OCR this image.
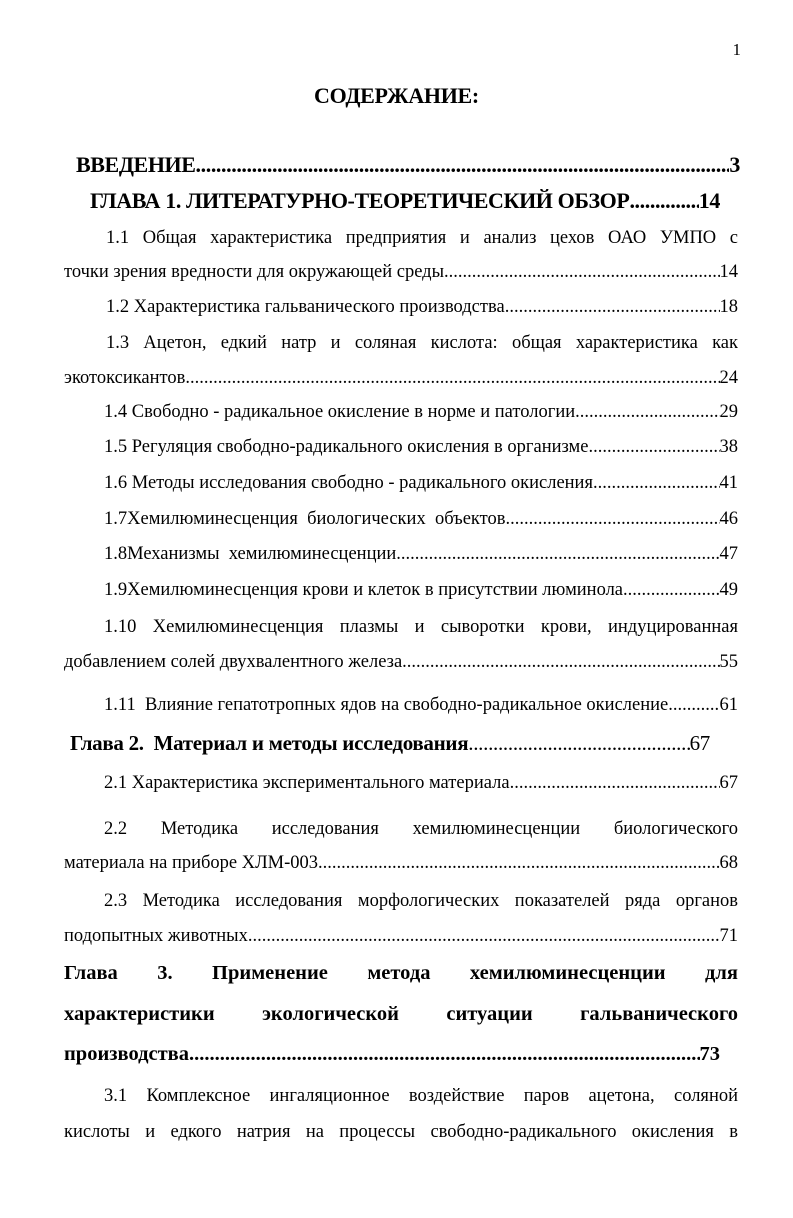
1
СОДЕРЖАНИЕ:
ВВЕДЕНИЕ .....	3
ГЛАВА 1. ЛИТЕРАТУРНО-ТЕОРЕТИЧЕСКИЙ ОБЗОР .....	14
1.1 Общая характеристика предприятия и анализ цехов ОАО УМПО с
точки зрения вредности для окружающей среды .....	14
1.2 Характеристика гальванического производства .....	18
1.3 Ацетон, едкий натр и соляная кислота: общая характеристика как
экотоксикантов .....	24
1.4 Свободно - радикальное окисление в норме и патологии .....	29
1.5 Регуляция свободно-радикального окисления в организме .....	38
1.6 Методы исследования свободно - радикального окисления .....	41
1.7Хемилюминесценция  биологических  объектов .....	46
1.8Механизмы  хемилюминесценции .....	47
1.9Хемилюминесценция крови и клеток в присутствии люминола .....	49
1.10 Хемилюминесценция плазмы и сыворотки крови, индуцированная
добавлением солей двухвалентного железа .....	55
1.11  Влияние гепатотропных ядов на свободно-радикальное окисление .....	61
Глава 2.  Материал и методы исследования .....	67
2.1 Характеристика экспериментального материала .....	67
2.2 Методика исследования хемилюминесценции биологического
материала на приборе ХЛМ-003 .....	68
2.3 Методика исследования морфологических показателей ряда органов
подопытных животных .....	71
Глава 3. Применение метода хемилюминесценции для
характеристики экологической ситуации гальванического
производства .....	73
3.1 Комплексное ингаляционное воздействие паров ацетона, соляной
кислоты и едкого натрия на процессы свободно-радикального окисления в
